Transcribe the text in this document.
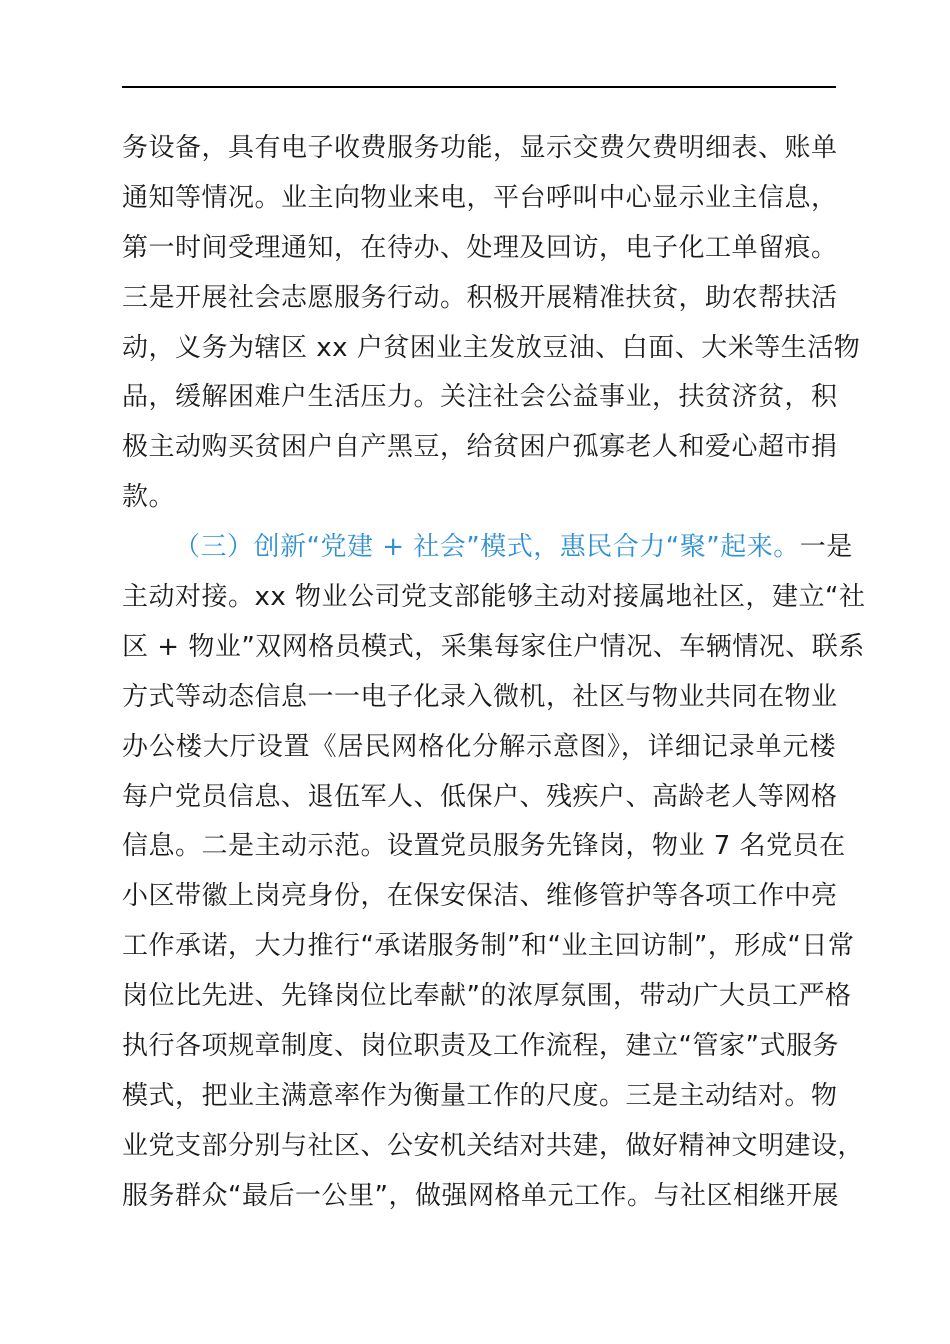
务设备，具有电子收费服务功能，显示交费欠费明细表、账单
通知等情况。业主向物业来电，平台呼叫中心显示业主信息，
第一时间受理通知，在待办、处理及回访，电子化工单留痕。
三是开展社会志愿服务行动。积极开展精准扶贫，助农帮扶活
动，义务为辖区 xx 户贫困业主发放豆油、白面、大米等生活物
品，缓解困难户生活压力。关注社会公益事业，扶贫济贫，积
极主动购买贫困户自产黑豆，给贫困户孤寡老人和爱心超市捐
款。
（三）创新“党建 + 社会”模式，惠民合力“聚”起来。一是
主动对接。xx 物业公司党支部能够主动对接属地社区，建立“社
区 + 物业”双网格员模式，采集每家住户情况、车辆情况、联系
方式等动态信息一一电子化录入微机，社区与物业共同在物业
办公楼大厅设置《居民网格化分解示意图》，详细记录单元楼
每户党员信息、退伍军人、低保户、残疾户、高龄老人等网格
信息。二是主动示范。设置党员服务先锋岗，物业 7 名党员在
小区带徽上岗亮身份，在保安保洁、维修管护等各项工作中亮
工作承诺，大力推行“承诺服务制”和“业主回访制”，形成“日常
岗位比先进、先锋岗位比奉献”的浓厚氛围，带动广大员工严格
执行各项规章制度、岗位职责及工作流程，建立“管家”式服务
模式，把业主满意率作为衡量工作的尺度。三是主动结对。物
业党支部分别与社区、公安机关结对共建，做好精神文明建设，
服务群众“最后一公里”，做强网格单元工作。与社区相继开展
